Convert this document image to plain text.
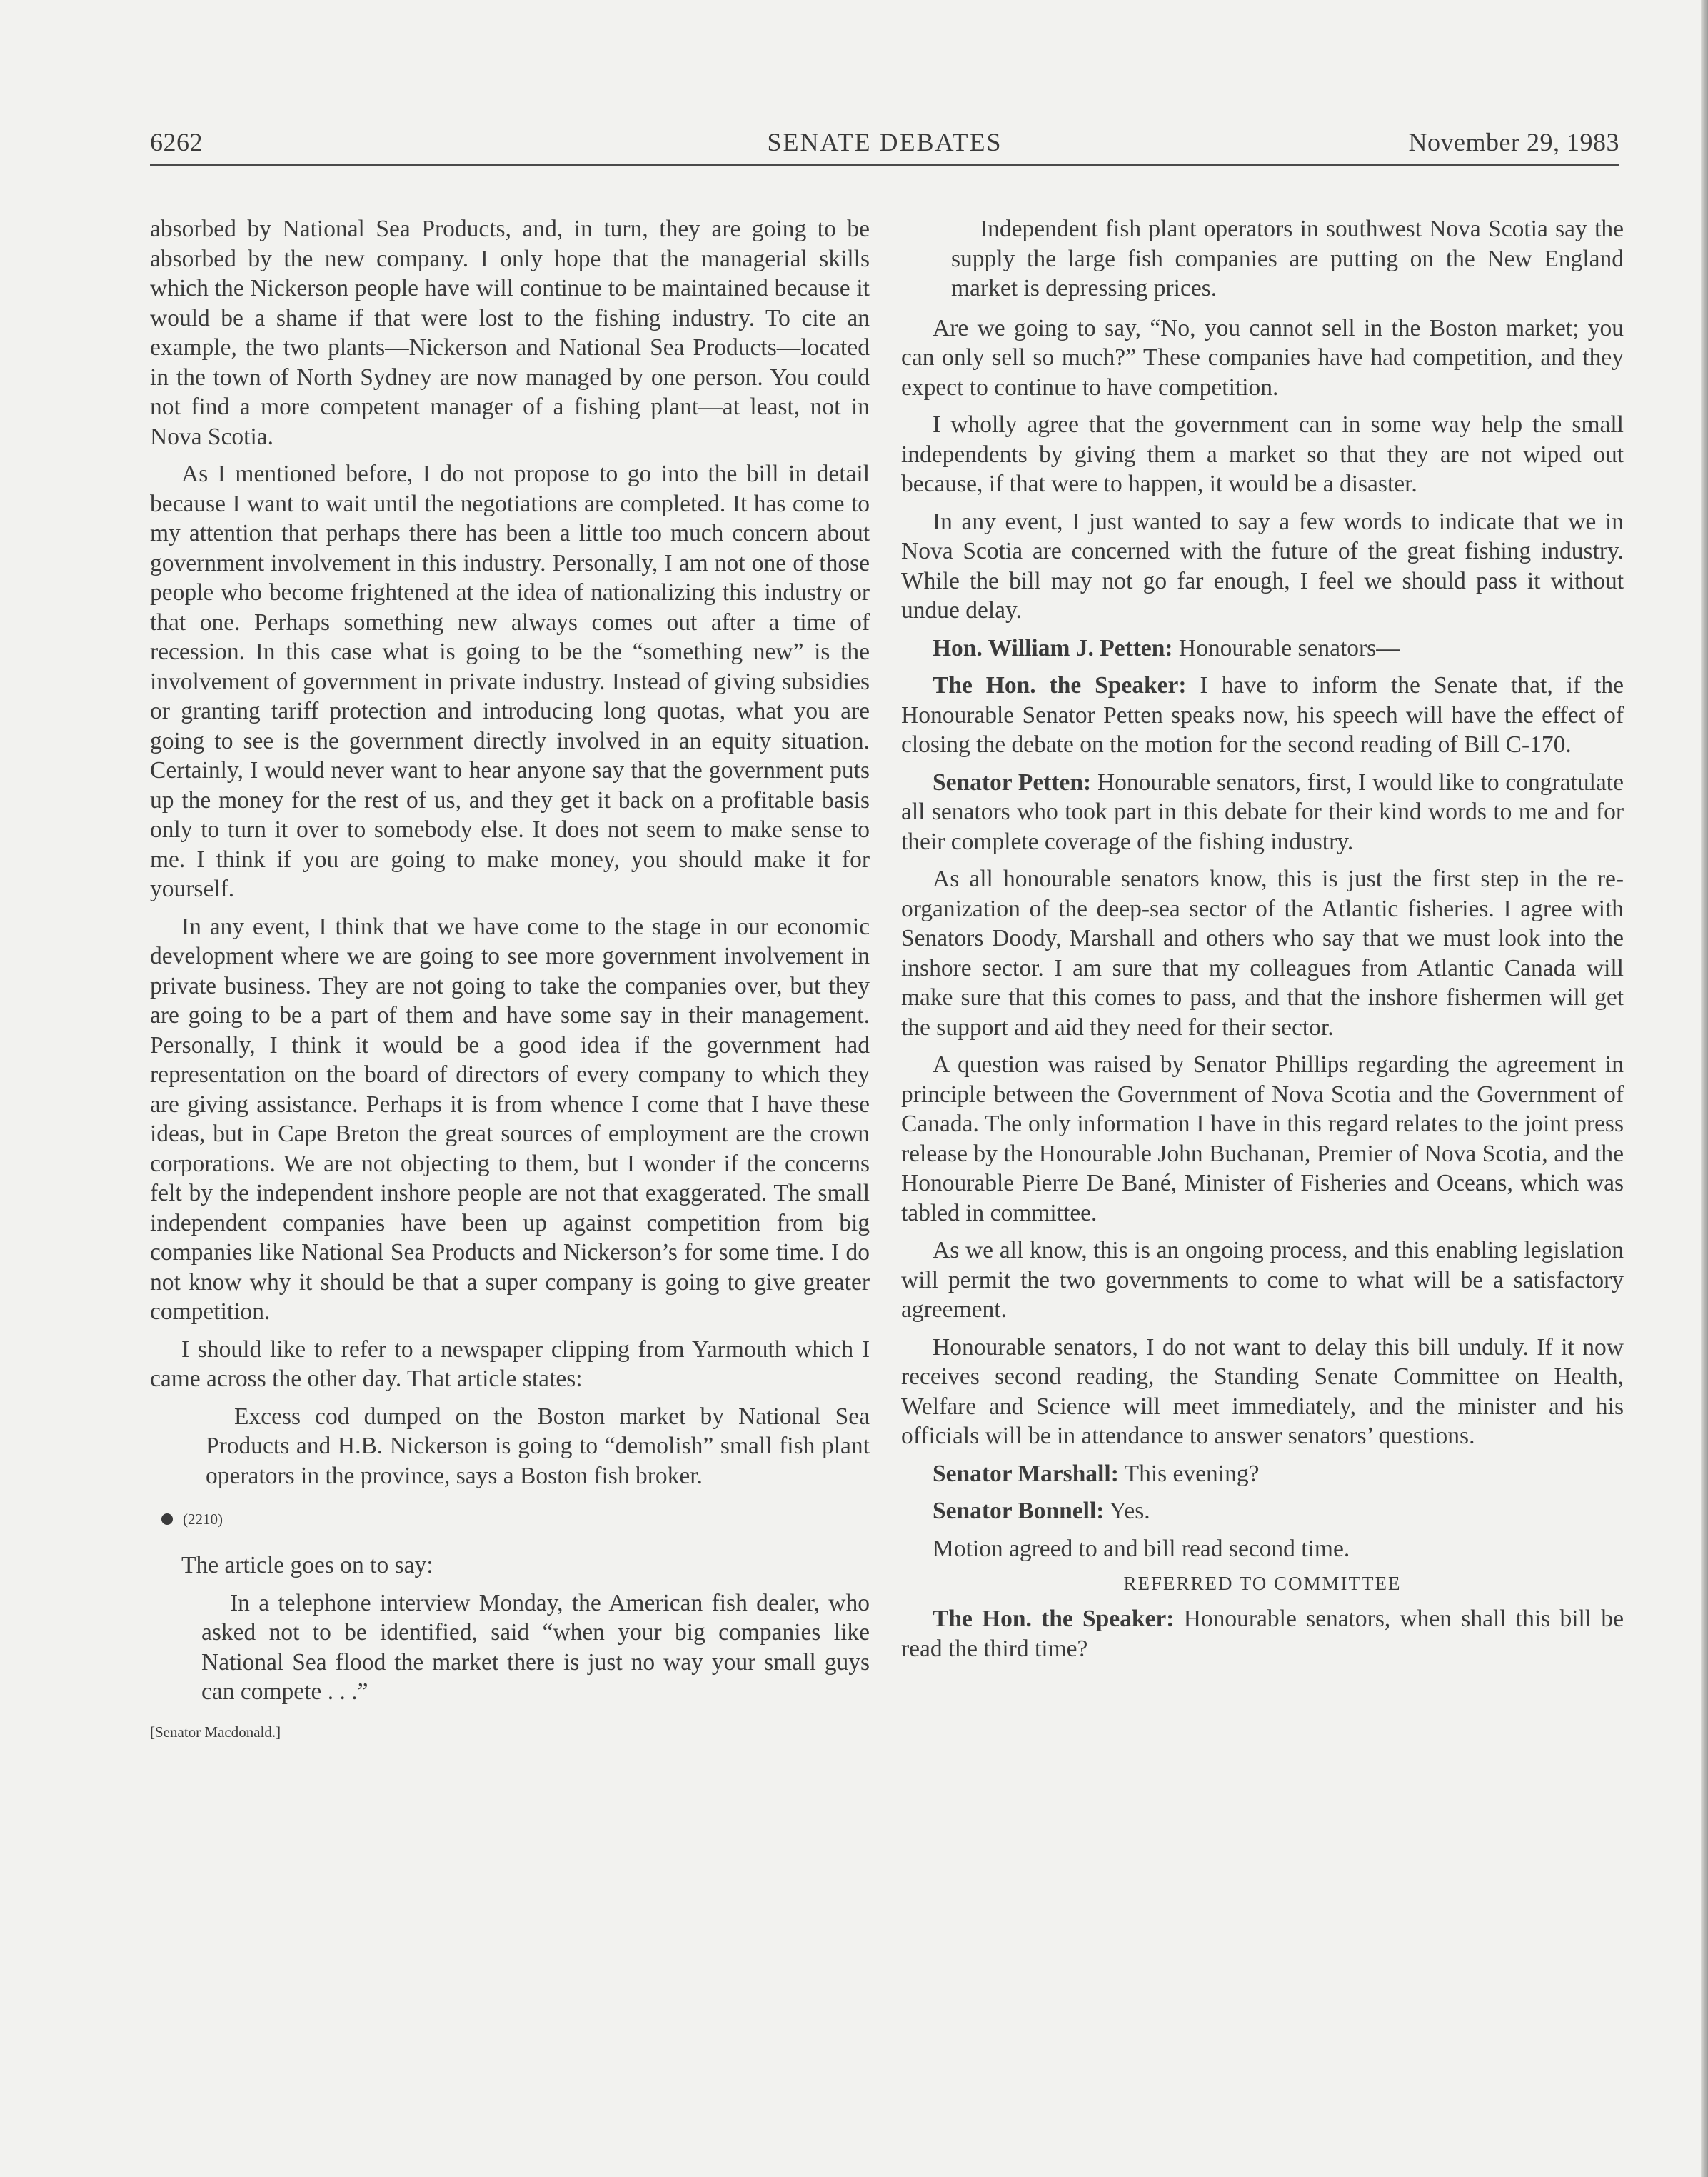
6262	SENATE DEBATES	November 29, 1983

absorbed by National Sea Products, and, in turn, they are going to be absorbed by the new company. I only hope that the managerial skills which the Nickerson people have will continue to be maintained because it would be a shame if that were lost to the fishing industry. To cite an example, the two plants—Nickerson and National Sea Products—located in the town of North Sydney are now managed by one person. You could not find a more competent manager of a fishing plant—at least, not in Nova Scotia.

As I mentioned before, I do not propose to go into the bill in detail because I want to wait until the negotiations are completed. It has come to my attention that perhaps there has been a little too much concern about government involvement in this industry. Personally, I am not one of those people who become frightened at the idea of nationalizing this industry or that one. Perhaps something new always comes out after a time of recession. In this case what is going to be the “something new” is the involvement of government in private industry. Instead of giving subsidies or granting tariff protection and introducing long quotas, what you are going to see is the government directly involved in an equity situation. Certainly, I would never want to hear anyone say that the government puts up the money for the rest of us, and they get it back on a profitable basis only to turn it over to somebody else. It does not seem to make sense to me. I think if you are going to make money, you should make it for yourself.

In any event, I think that we have come to the stage in our economic development where we are going to see more government involvement in private business. They are not going to take the companies over, but they are going to be a part of them and have some say in their management. Personally, I think it would be a good idea if the government had representation on the board of directors of every company to which they are giving assistance. Perhaps it is from whence I come that I have these ideas, but in Cape Breton the great sources of employment are the crown corporations. We are not objecting to them, but I wonder if the concerns felt by the independent inshore people are not that exaggerated. The small independent companies have been up against competition from big companies like National Sea Products and Nickerson’s for some time. I do not know why it should be that a super company is going to give greater competition.

I should like to refer to a newspaper clipping from Yarmouth which I came across the other day. That article states:

Excess cod dumped on the Boston market by National Sea Products and H.B. Nickerson is going to “demolish” small fish plant operators in the province, says a Boston fish broker.

(2210)

The article goes on to say:

In a telephone interview Monday, the American fish dealer, who asked not to be identified, said “when your big companies like National Sea flood the market there is just no way your small guys can compete . . .”

[Senator Macdonald.]

Independent fish plant operators in southwest Nova Scotia say the supply the large fish companies are putting on the New England market is depressing prices.

Are we going to say, “No, you cannot sell in the Boston market; you can only sell so much?” These companies have had competition, and they expect to continue to have competition.

I wholly agree that the government can in some way help the small independents by giving them a market so that they are not wiped out because, if that were to happen, it would be a disaster.

In any event, I just wanted to say a few words to indicate that we in Nova Scotia are concerned with the future of the great fishing industry. While the bill may not go far enough, I feel we should pass it without undue delay.

Hon. William J. Petten: Honourable senators—

The Hon. the Speaker: I have to inform the Senate that, if the Honourable Senator Petten speaks now, his speech will have the effect of closing the debate on the motion for the second reading of Bill C-170.

Senator Petten: Honourable senators, first, I would like to congratulate all senators who took part in this debate for their kind words to me and for their complete coverage of the fishing industry.

As all honourable senators know, this is just the first step in the re-organization of the deep-sea sector of the Atlantic fisheries. I agree with Senators Doody, Marshall and others who say that we must look into the inshore sector. I am sure that my colleagues from Atlantic Canada will make sure that this comes to pass, and that the inshore fishermen will get the support and aid they need for their sector.

A question was raised by Senator Phillips regarding the agreement in principle between the Government of Nova Scotia and the Government of Canada. The only information I have in this regard relates to the joint press release by the Honourable John Buchanan, Premier of Nova Scotia, and the Honourable Pierre De Bané, Minister of Fisheries and Oceans, which was tabled in committee.

As we all know, this is an ongoing process, and this enabling legislation will permit the two governments to come to what will be a satisfactory agreement.

Honourable senators, I do not want to delay this bill unduly. If it now receives second reading, the Standing Senate Committee on Health, Welfare and Science will meet immediately, and the minister and his officials will be in attendance to answer senators’ questions.

Senator Marshall: This evening?

Senator Bonnell: Yes.

Motion agreed to and bill read second time.

REFERRED TO COMMITTEE

The Hon. the Speaker: Honourable senators, when shall this bill be read the third time?
